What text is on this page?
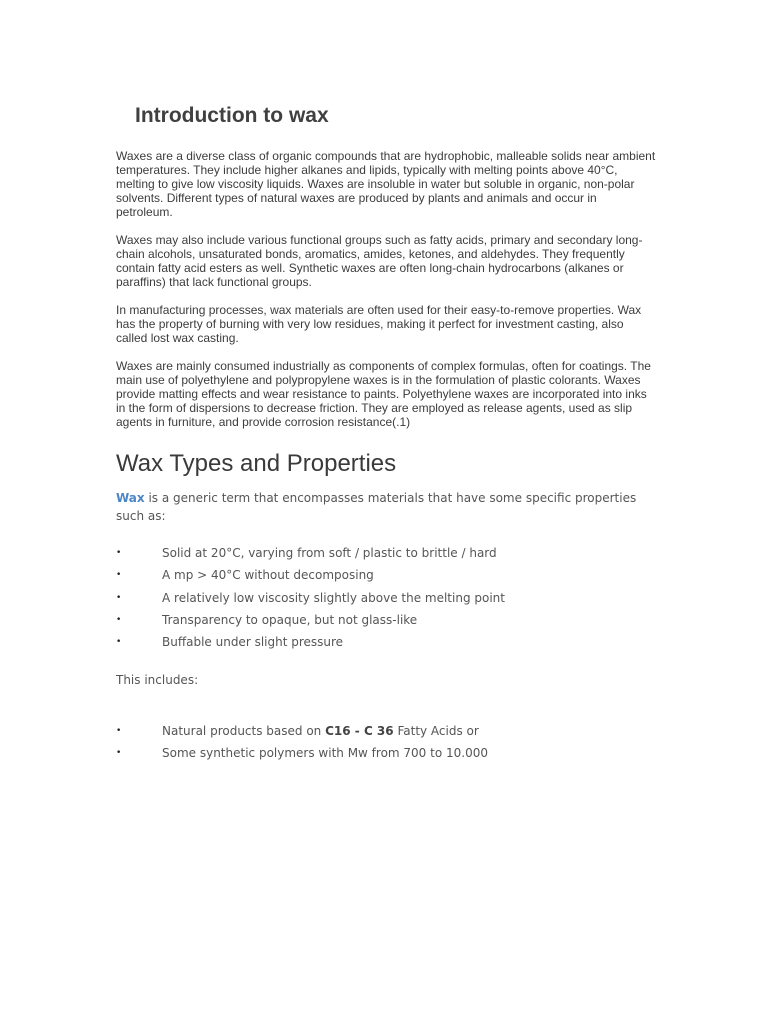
Introduction to wax

Waxes are a diverse class of organic compounds that are hydrophobic, malleable solids near ambient temperatures. They include higher alkanes and lipids, typically with melting points above 40°C, melting to give low viscosity liquids. Waxes are insoluble in water but soluble in organic, non-polar solvents. Different types of natural waxes are produced by plants and animals and occur in petroleum.

Waxes may also include various functional groups such as fatty acids, primary and secondary long-chain alcohols, unsaturated bonds, aromatics, amides, ketones, and aldehydes. They frequently contain fatty acid esters as well. Synthetic waxes are often long-chain hydrocarbons (alkanes or paraffins) that lack functional groups.

In manufacturing processes, wax materials are often used for their easy-to-remove properties. Wax has the property of burning with very low residues, making it perfect for investment casting, also called lost wax casting.

Waxes are mainly consumed industrially as components of complex formulas, often for coatings. The main use of polyethylene and polypropylene waxes is in the formulation of plastic colorants. Waxes provide matting effects and wear resistance to paints. Polyethylene waxes are incorporated into inks in the form of dispersions to decrease friction. They are employed as release agents, used as slip agents in furniture, and provide corrosion resistance(.1)

Wax Types and Properties

Wax is a generic term that encompasses materials that have some specific properties such as:

•	Solid at 20°C, varying from soft / plastic to brittle / hard
•	A mp > 40°C without decomposing
•	A relatively low viscosity slightly above the melting point
•	Transparency to opaque, but not glass-like
•	Buffable under slight pressure

This includes:

•	Natural products based on C16 - C 36 Fatty Acids or
•	Some synthetic polymers with Mw from 700 to 10.000
